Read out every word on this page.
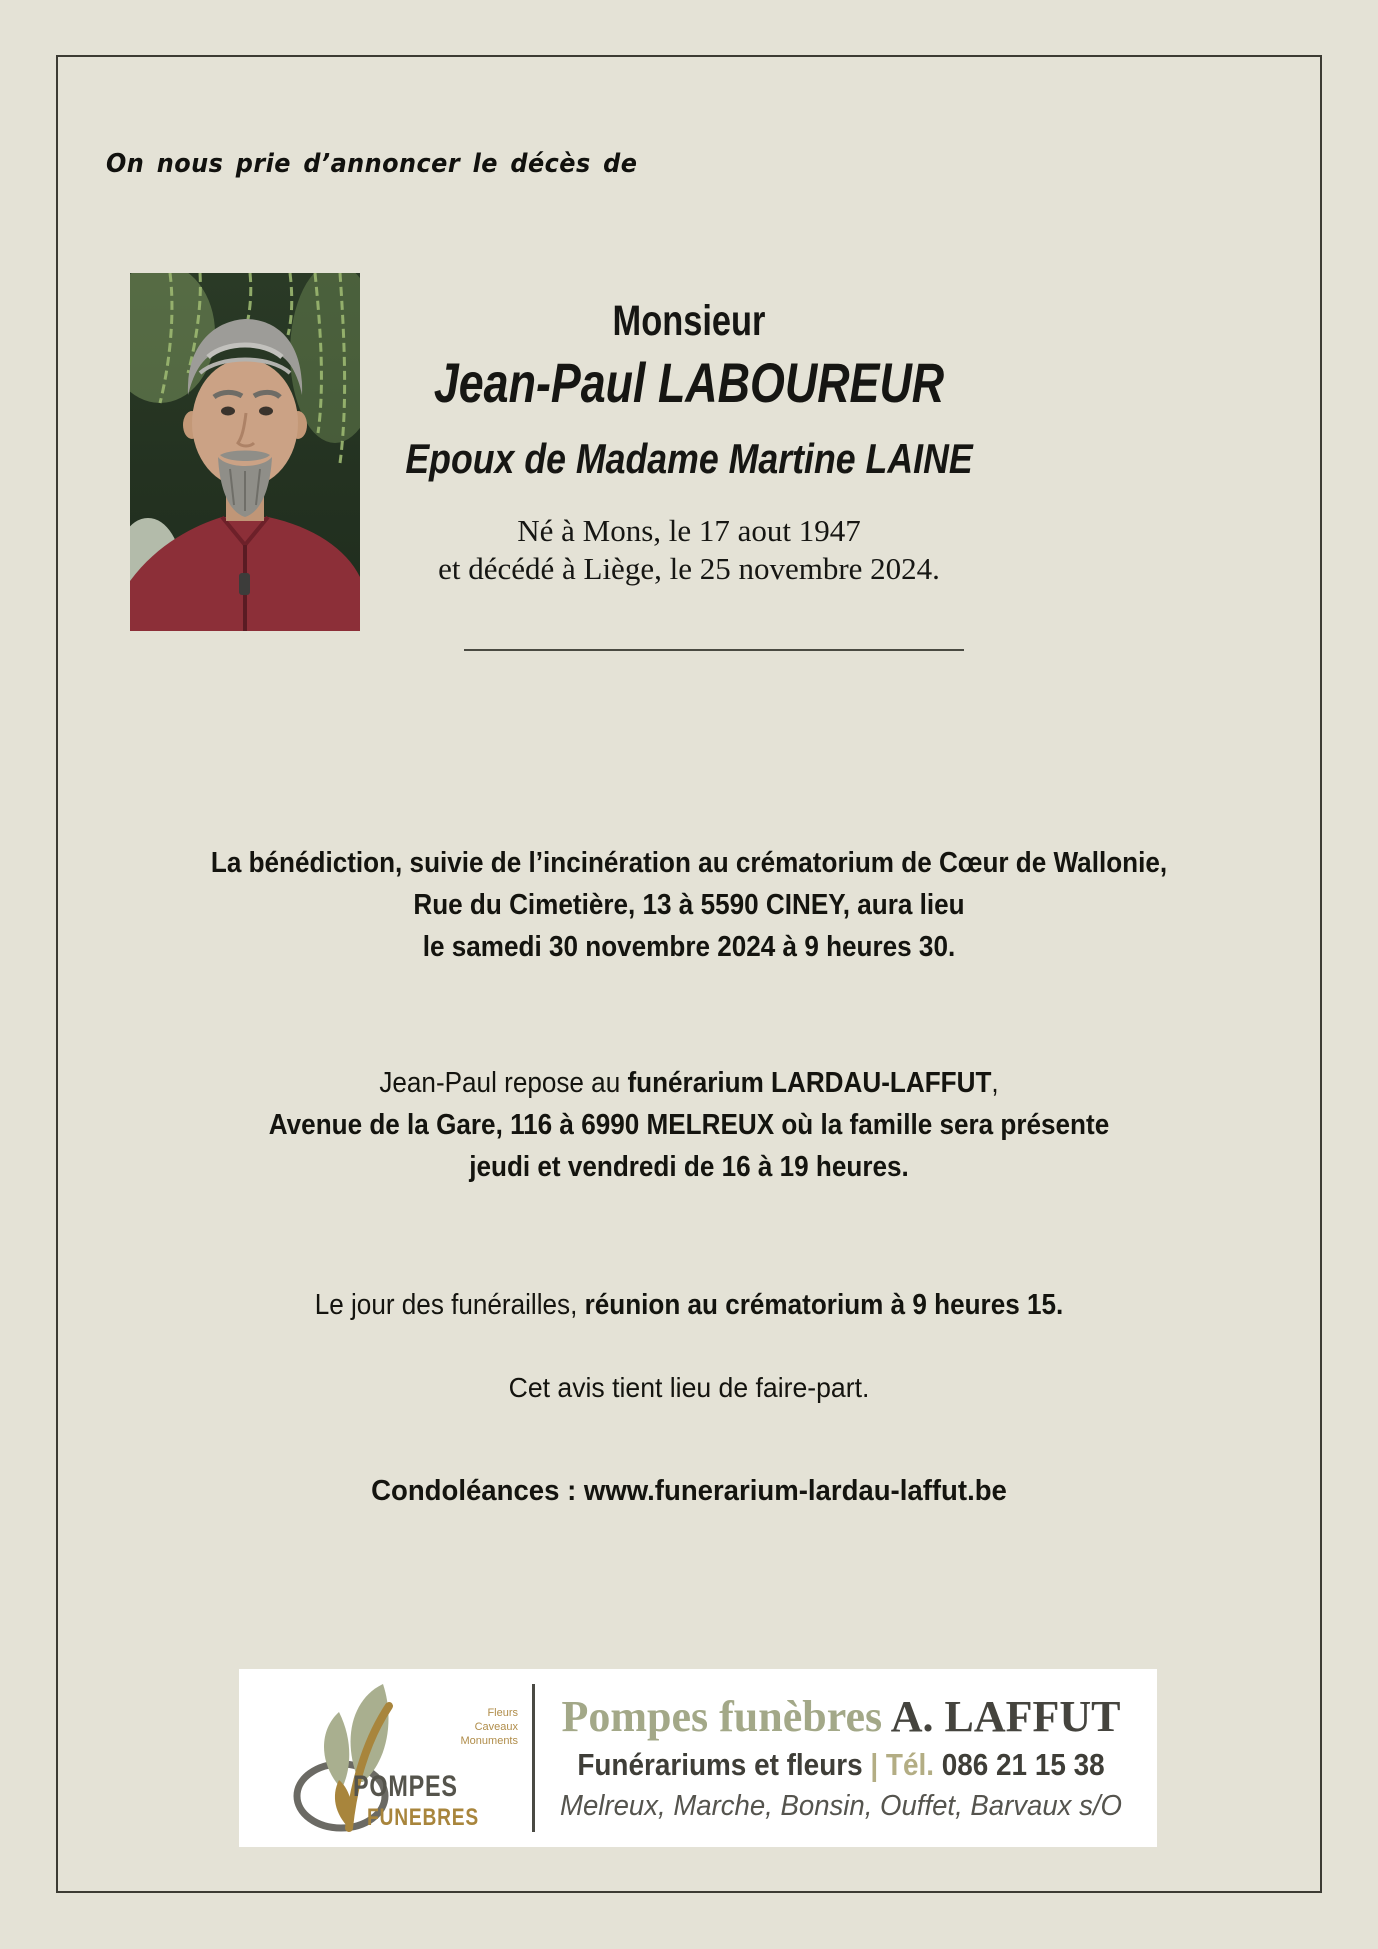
On nous prie d’annoncer le décès de
Monsieur
Jean-Paul LABOUREUR
Epoux de Madame Martine LAINE
Né à Mons, le 17 aout 1947
et décédé à Liège, le 25 novembre 2024.
La bénédiction, suivie de l’incinération au crématorium de Cœur de Wallonie,
Rue du Cimetière, 13 à 5590 CINEY, aura lieu
le samedi 30 novembre 2024 à 9 heures 30.
Jean-Paul repose au funérarium LARDAU-LAFFUT,
Avenue de la Gare, 116 à 6990 MELREUX où la famille sera présente
jeudi et vendredi de 16 à 19 heures.
Le jour des funérailles, réunion au crématorium à 9 heures 15.
Cet avis tient lieu de faire-part.
Condoléances : www.funerarium-lardau-laffut.be
Fleurs
Caveaux
Monuments
POMPES
FUNEBRES
Pompes funèbres A. LAFFUT
Funérariums et fleurs | Tél. 086 21 15 38
Melreux, Marche, Bonsin, Ouffet, Barvaux s/O
